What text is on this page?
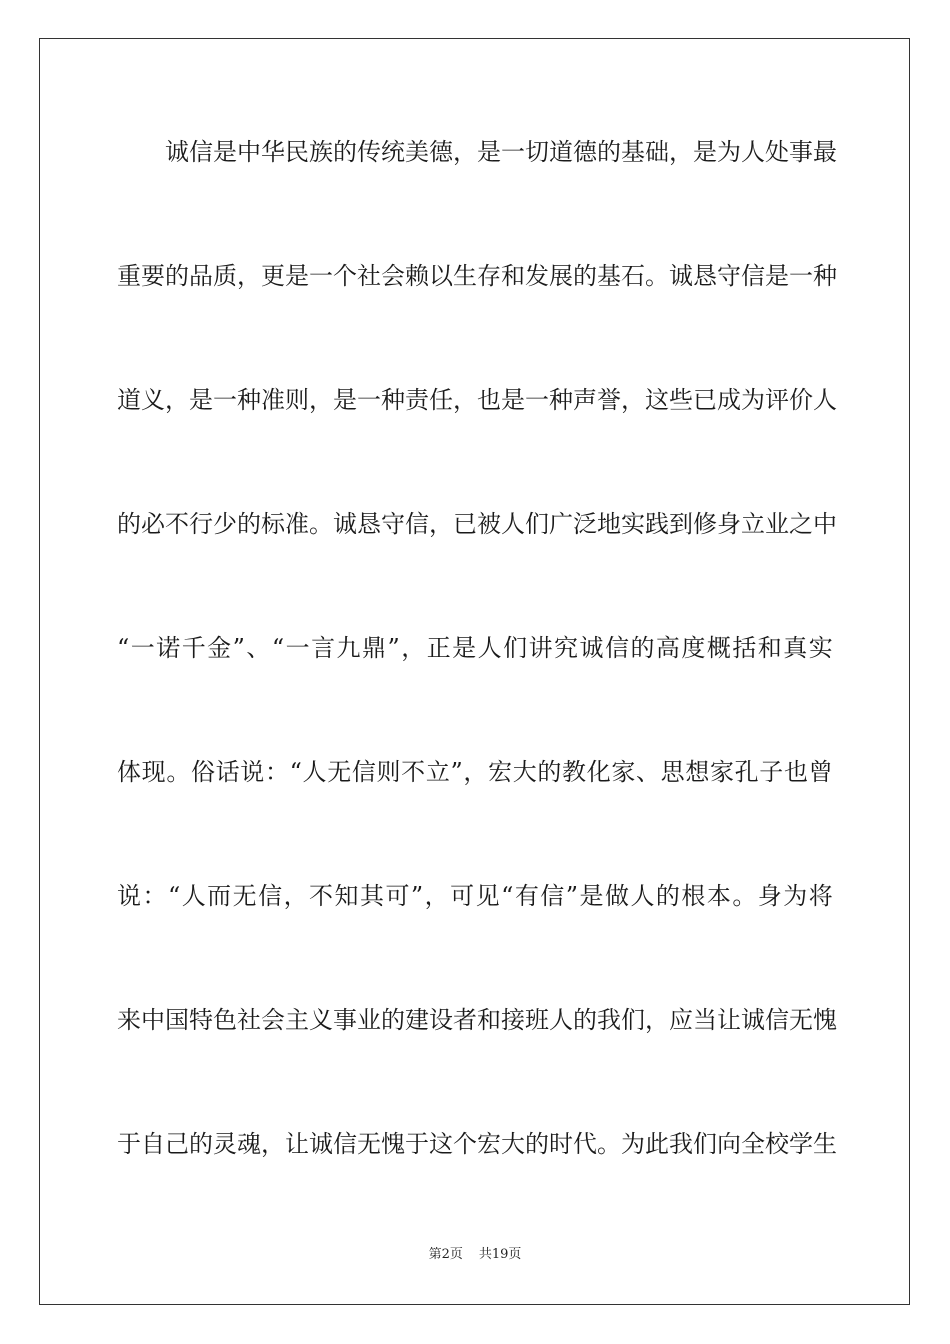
诚 信 是 中 华 民 族 的 传 统 美 德 ， 是 一 切 道 德 的 基 础 ， 是 为 人 处 事 最
重 要 的 品 质 ， 更 是 一 个 社 会 赖 以 生 存 和 发 展 的 基 石 。 诚 恳 守 信 是 一 种
道 义 ， 是 一 种 准 则 ， 是 一 种 责 任 ， 也 是 一 种 声 誉 ， 这 些 已 成 为 评 价 人
的 必 不 行 少 的 标 准 。 诚 恳 守 信 ， 已 被 人 们 广 泛 地 实 践 到 修 身 立 业 之 中
“ 一 诺 千 金 ” 、 “ 一 言 九 鼎 ” ， 正 是 人 们 讲 究 诚 信 的 高 度 概 括 和 真 实
体 现 。 俗 话 说 ： “ 人 无 信 则 不 立 ” ， 宏 大 的 教 化 家 、 思 想 家 孔 子 也 曾
说 ： “ 人 而 无 信 ， 不 知 其 可 ” ， 可 见 “ 有 信 ” 是 做 人 的 根 本 。 身 为 将
来 中 国 特 色 社 会 主 义 事 业 的 建 设 者 和 接 班 人 的 我 们 ， 应 当 让 诚 信 无 愧
于 自 己 的 灵 魂 ， 让 诚 信 无 愧 于 这 个 宏 大 的 时 代 。 为 此 我 们 向 全 校 学 生
第2页 共19页
